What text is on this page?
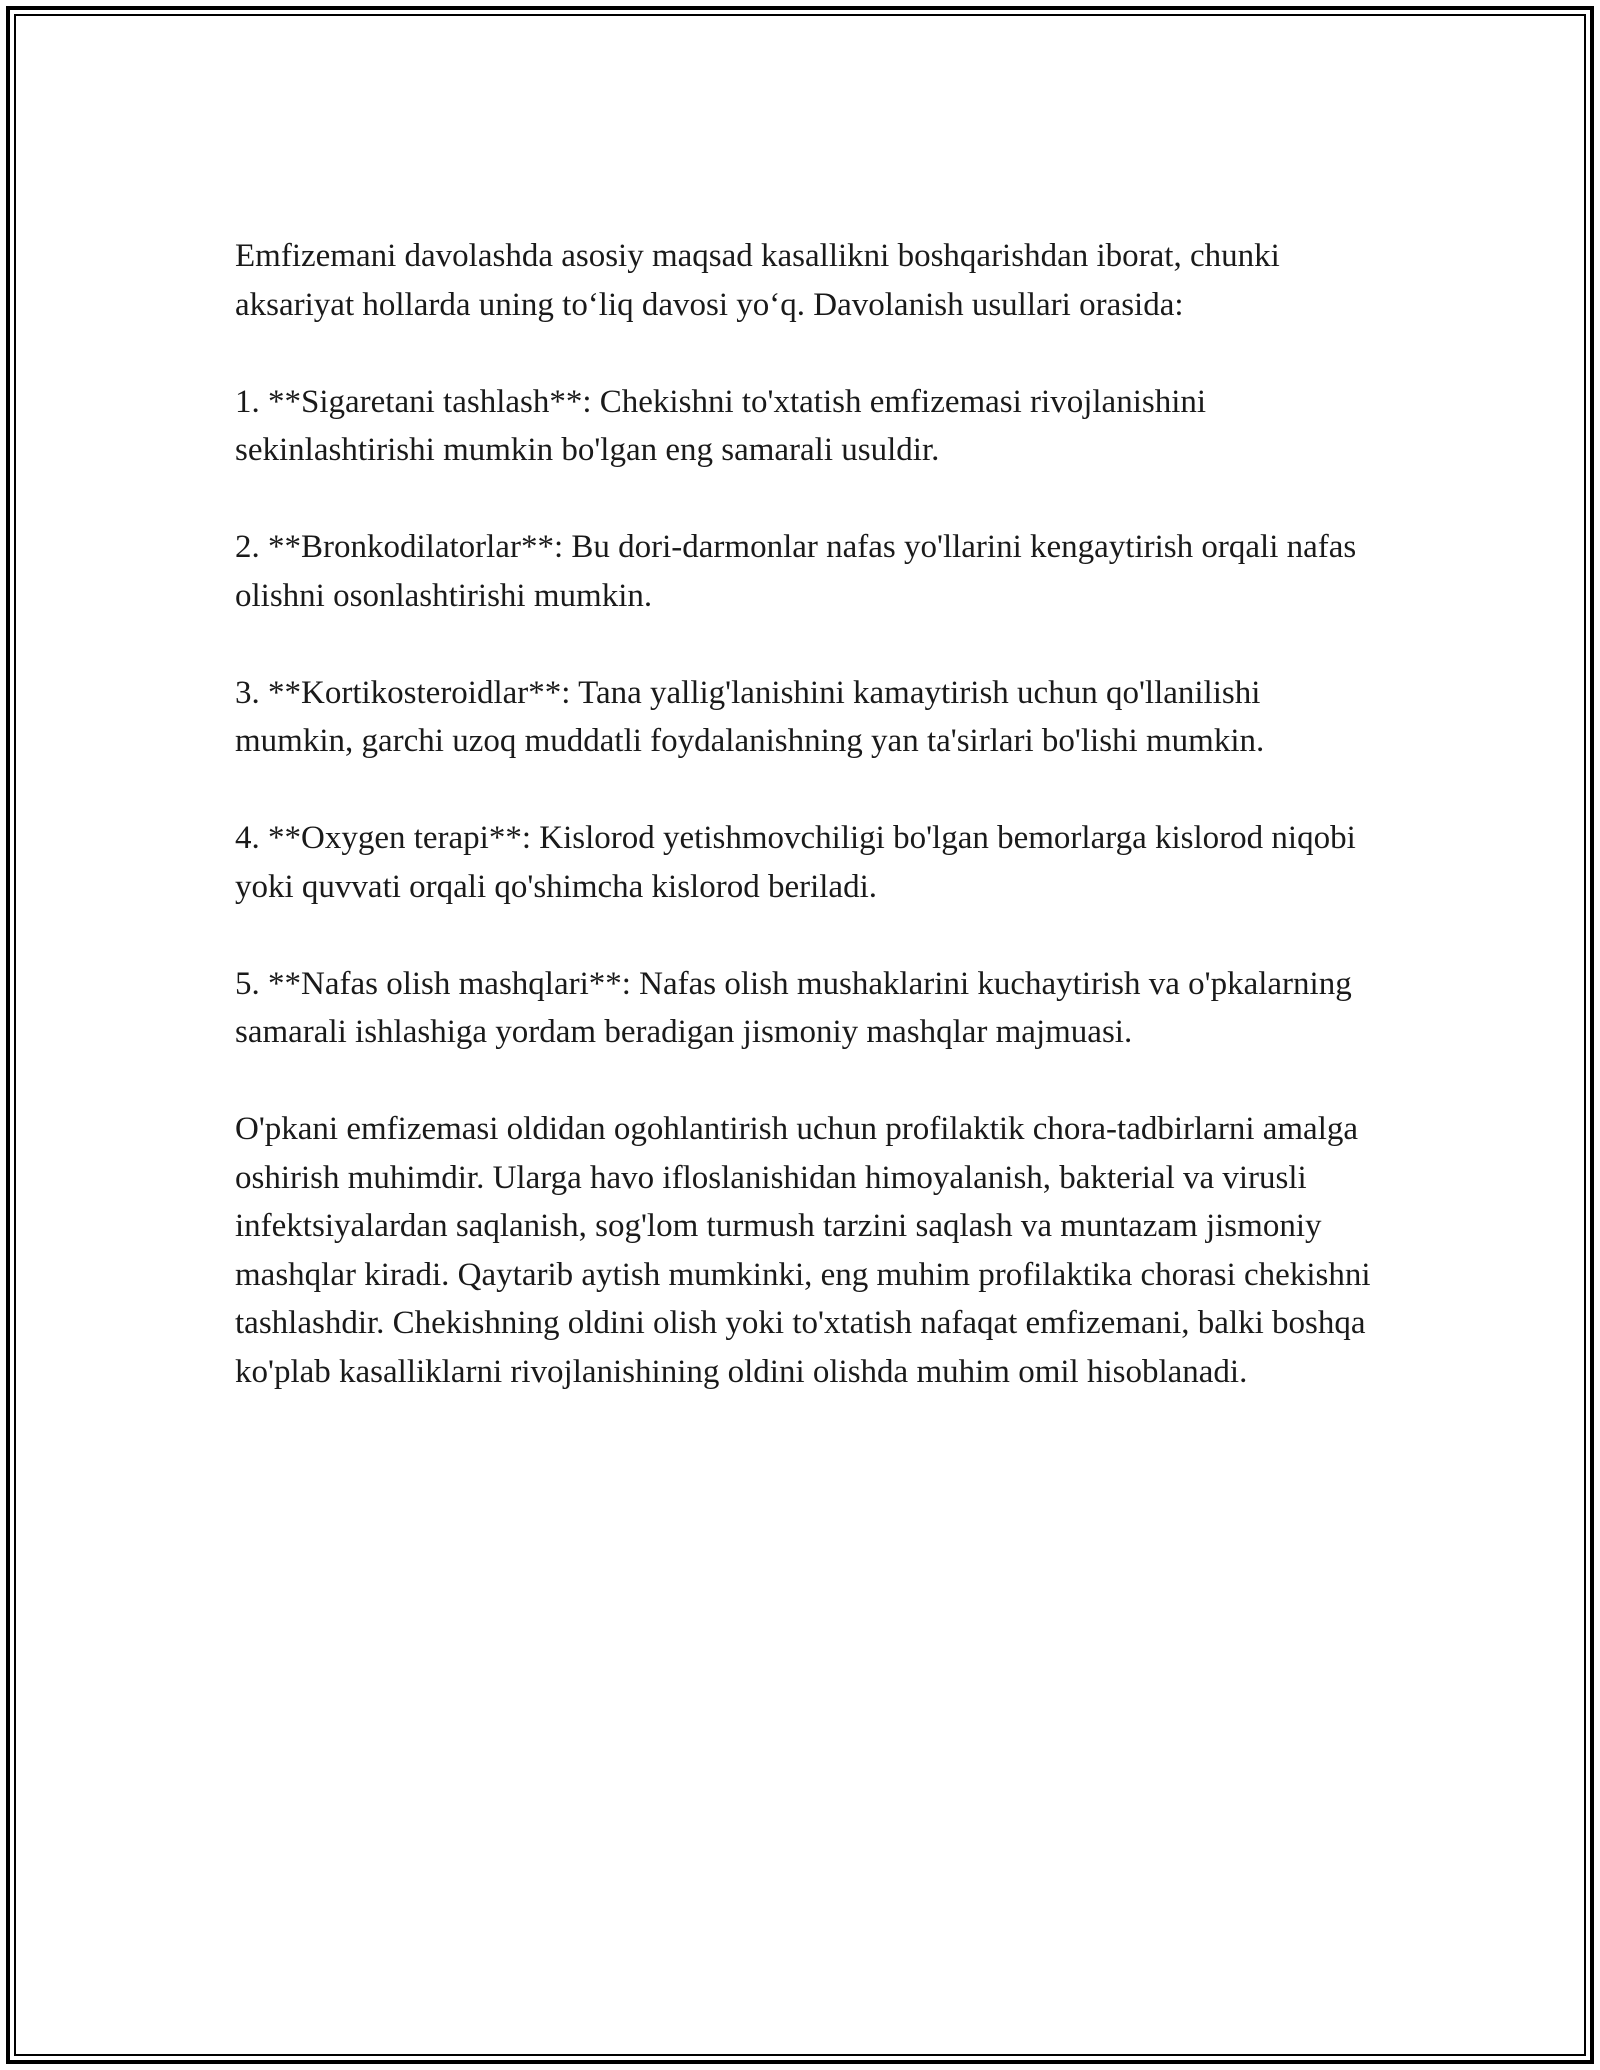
Emfizemani davolashda asosiy maqsad kasallikni boshqarishdan iborat, chunki aksariyat hollarda uning to‘liq davosi yo‘q. Davolanish usullari orasida:

1. **Sigaretani tashlash**: Chekishni to'xtatish emfizemasi rivojlanishini sekinlashtirishi mumkin bo'lgan eng samarali usuldir.

2. **Bronkodilatorlar**: Bu dori-darmonlar nafas yo'llarini kengaytirish orqali nafas olishni osonlashtirishi mumkin.

3. **Kortikosteroidlar**: Tana yallig'lanishini kamaytirish uchun qo'llanilishi mumkin, garchi uzoq muddatli foydalanishning yan ta'sirlari bo'lishi mumkin.

4. **Oxygen terapi**: Kislorod yetishmovchiligi bo'lgan bemorlarga kislorod niqobi yoki quvvati orqali qo'shimcha kislorod beriladi.

5. **Nafas olish mashqlari**: Nafas olish mushaklarini kuchaytirish va o'pkalarning samarali ishlashiga yordam beradigan jismoniy mashqlar majmuasi.

O'pkani emfizemasi oldidan ogohlantirish uchun profilaktik chora-tadbirlarni amalga oshirish muhimdir. Ularga havo ifloslanishidan himoyalanish, bakterial va virusli infektsiyalardan saqlanish, sog'lom turmush tarzini saqlash va muntazam jismoniy mashqlar kiradi. Qaytarib aytish mumkinki, eng muhim profilaktika chorasi chekishni tashlashdir. Chekishning oldini olish yoki to'xtatish nafaqat emfizemani, balki boshqa ko'plab kasalliklarni rivojlanishining oldini olishda muhim omil hisoblanadi.
